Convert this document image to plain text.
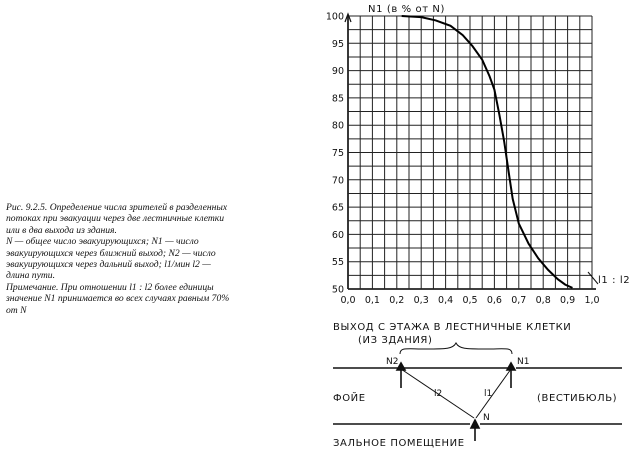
Рис. 9.2.5. Определение числа зрителей в разделенных потоках при эвакуации через две лестничные клетки или в два выхода из здания.

N — общее число эвакуирующихся; N1 — число эвакуирующихся через ближний выход; N2 — число эвакуирующихся через дальний выход; l1/мин l2 — длина пути.

Примечание. При отношении l1 : l2 более единицы значение N1 принимается во всех случаях равным 70% от N

0,0 0,1 0,2 0,3 0,4 0,5 0,6 0,7 0,8 0,9 1,0
50
55
60
65
70
75
80
85
90
95
100
N1 (в % от N)
l1 : l2
ВЫХОД С ЭТАЖА В ЛЕСТНИЧНЫЕ КЛЕТКИ
(ИЗ ЗДАНИЯ)
N2	N1
N
l2	l1
ФОЙЕ	(ВЕСТИБЮЛЬ)
ЗАЛЬНОЕ ПОМЕЩЕНИЕ
